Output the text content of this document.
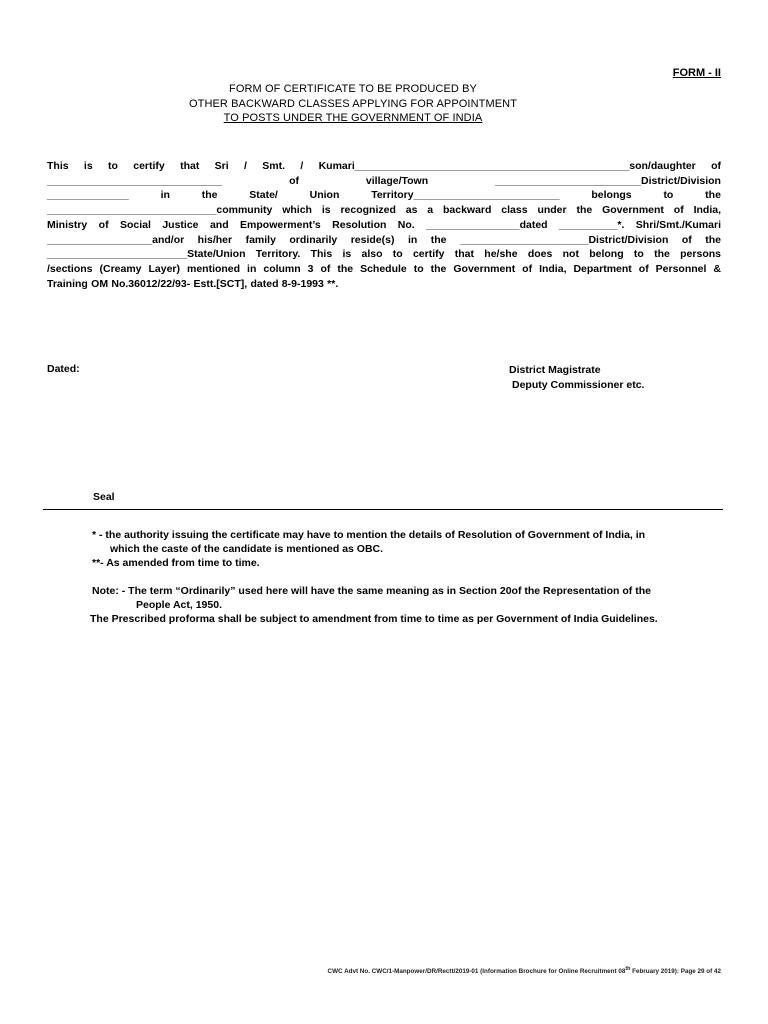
FORM - II
FORM OF CERTIFICATE TO BE PRODUCED BY
OTHER BACKWARD CLASSES APPLYING FOR APPOINTMENT
TO POSTS UNDER THE GOVERNMENT OF INDIA
This is to certify that Sri / Smt. / Kumari_______________________________________________son/daughter of
______________________________	of	village/Town	_________________________District/Division
______________	in	the	State/	Union	Territory_________________________	belongs	to	the
_____________________________community which is recognized as a backward class under the Government of India,
Ministry of Social Justice and Empowerment’s Resolution No. ________________dated __________*. Shri/Smt./Kumari
__________________and/or his/her family ordinarily reside(s) in the ______________________District/Division of the
________________________State/Union Territory. This is also to certify that he/she does not belong to the persons
/sections (Creamy Layer) mentioned in column 3 of the Schedule to the Government of India, Department of Personnel &
Training OM No.36012/22/93- Estt.[SCT], dated 8-9-1993 **.
Dated:	District Magistrate
Deputy Commissioner etc.
Seal
* - the authority issuing the certificate may have to mention the details of Resolution of Government of India, in
which the caste of the candidate is mentioned as OBC.
**- As amended from time to time.
Note: - The term “Ordinarily” used here will have the same meaning as in Section 20of the Representation of the
People Act, 1950.
The Prescribed proforma shall be subject to amendment from time to time as per Government of India Guidelines.
CWC Advt No. CWC/1-Manpower/DR/Rectt/2019-01 (Information Brochure for Online Recruitment 08th February 2019): Page 29 of 42
